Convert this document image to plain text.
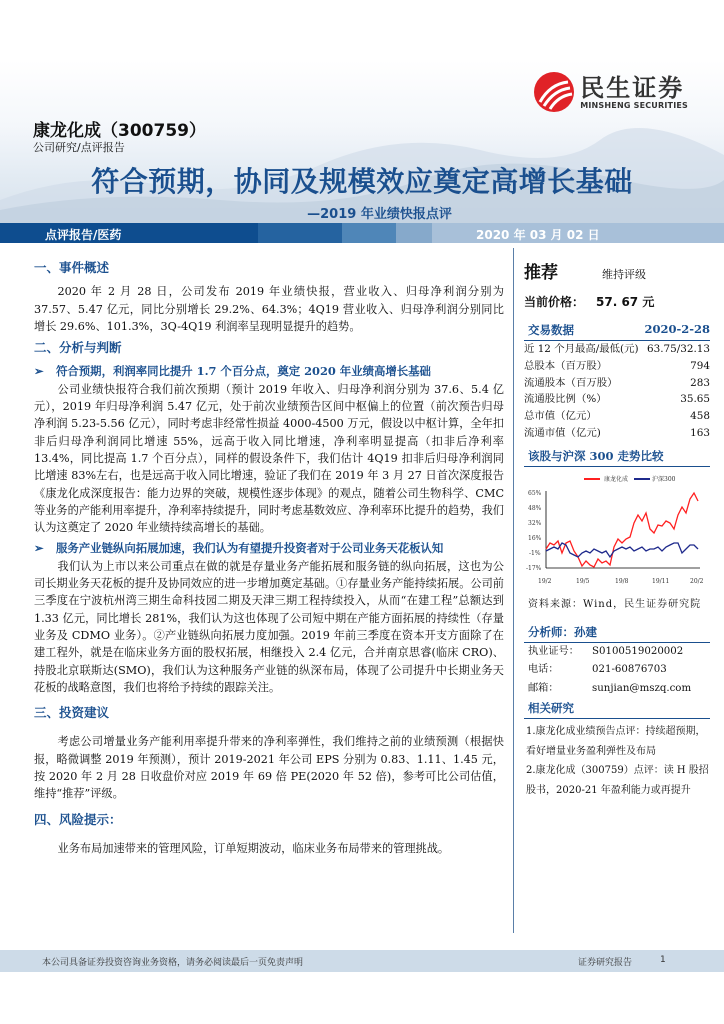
民生证券
MINSHENG SECURITIES
康龙化成（300759）
公司研究/点评报告
符合预期，协同及规模效应奠定高增长基础
—2019 年业绩快报点评
点评报告/医药	2020 年 03 月 02 日
一、事件概述
2020 年 2 月 28 日，公司发布 2019 年业绩快报，营业收入、归母净利润分别为 37.57、5.47 亿元，同比分别增长 29.2%、64.3%；4Q19 营业收入、归母净利润分别同比增长 29.6%、101.3%，3Q-4Q19 利润率呈现明显提升的趋势。
二、分析与判断
➢	符合预期，利润率同比提升 1.7 个百分点，奠定 2020 年业绩高增长基础
公司业绩快报符合我们前次预期（预计 2019 年收入、归母净利润分别为 37.6、5.4 亿元），2019 年归母净利润 5.47 亿元，处于前次业绩预告区间中枢偏上的位置（前次预告归母净利润 5.23-5.56 亿元），同时考虑非经常性损益 4000-4500 万元，假设以中枢计算，全年扣非后归母净利润同比增速 55%，远高于收入同比增速，净利率明显提高（扣非后净利率 13.4%，同比提高 1.7 个百分点），同样的假设条件下，我们估计 4Q19 扣非后归母净利润同比增速 83%左右，也是远高于收入同比增速，验证了我们在 2019 年 3 月 27 日首次深度报告《康龙化成深度报告：能力边界的突破，规模性逐步体现》的观点，随着公司生物科学、CMC 等业务的产能利用率提升，净利率持续提升，同时考虑基数效应、净利率环比提升的趋势，我们认为这奠定了 2020 年业绩持续高增长的基础。
➢	服务产业链纵向拓展加速，我们认为有望提升投资者对于公司业务天花板认知
我们认为上市以来公司重点在做的就是存量业务产能拓展和服务链的纵向拓展，这也为公司长期业务天花板的提升及协同效应的进一步增加奠定基础。①存量业务产能持续拓展。公司前三季度在宁波杭州湾三期生命科技园二期及天津三期工程持续投入，从而“在建工程”总额达到 1.33 亿元，同比增长 281%，我们认为这也体现了公司短中期在产能方面拓展的持续性（存量业务及 CDMO 业务）。②产业链纵向拓展力度加强。2019 年前三季度在资本开支方面除了在建工程外，就是在临床业务方面的股权拓展，相继投入 2.4 亿元，合并南京思睿(临床 CRO)、持股北京联斯达(SMO)，我们认为这种服务产业链的纵深布局，体现了公司提升中长期业务天花板的战略意图，我们也将给予持续的跟踪关注。
三、投资建议
考虑公司增量业务产能利用率提升带来的净利率弹性，我们维持之前的业绩预测（根据快报，略微调整 2019 年预测），预计 2019-2021 年公司 EPS 分别为 0.83、1.11、1.45 元，按 2020 年 2 月 28 日收盘价对应 2019 年 69 倍 PE(2020 年 52 倍)，参考可比公司估值，维持“推荐”评级。
四、风险提示：
业务布局加速带来的管理风险，订单短期波动，临床业务布局带来的管理挑战。
推荐	维持评级
当前价格： 57. 67 元
交易数据	2020-2-28
近 12 个月最高/最低(元) 63.75/32.13
总股本（百万股）	794
流通股本（百万股）	283
流通股比例（%）	35.65
总市值（亿元）	458
流通市值（亿元)	163
该股与沪深 300 走势比较
康龙化成	沪深300
65%
48%
32%
16%
-1%
-17%
19/2	19/5	19/8	19/11	20/2
资料来源：Wind，民生证券研究院
分析师：孙建
执业证号：	S0100519020002
电话：	021-60876703
邮箱：	sunjian@mszq.com
相关研究
1.康龙化成业绩预告点评：持续超预期，看好增量业务盈利弹性及布局
2.康龙化成（300759）点评：读 H 股招股书，2020-21 年盈利能力或再提升
本公司具备证券投资咨询业务资格，请务必阅读最后一页免责声明	证券研究报告	1
